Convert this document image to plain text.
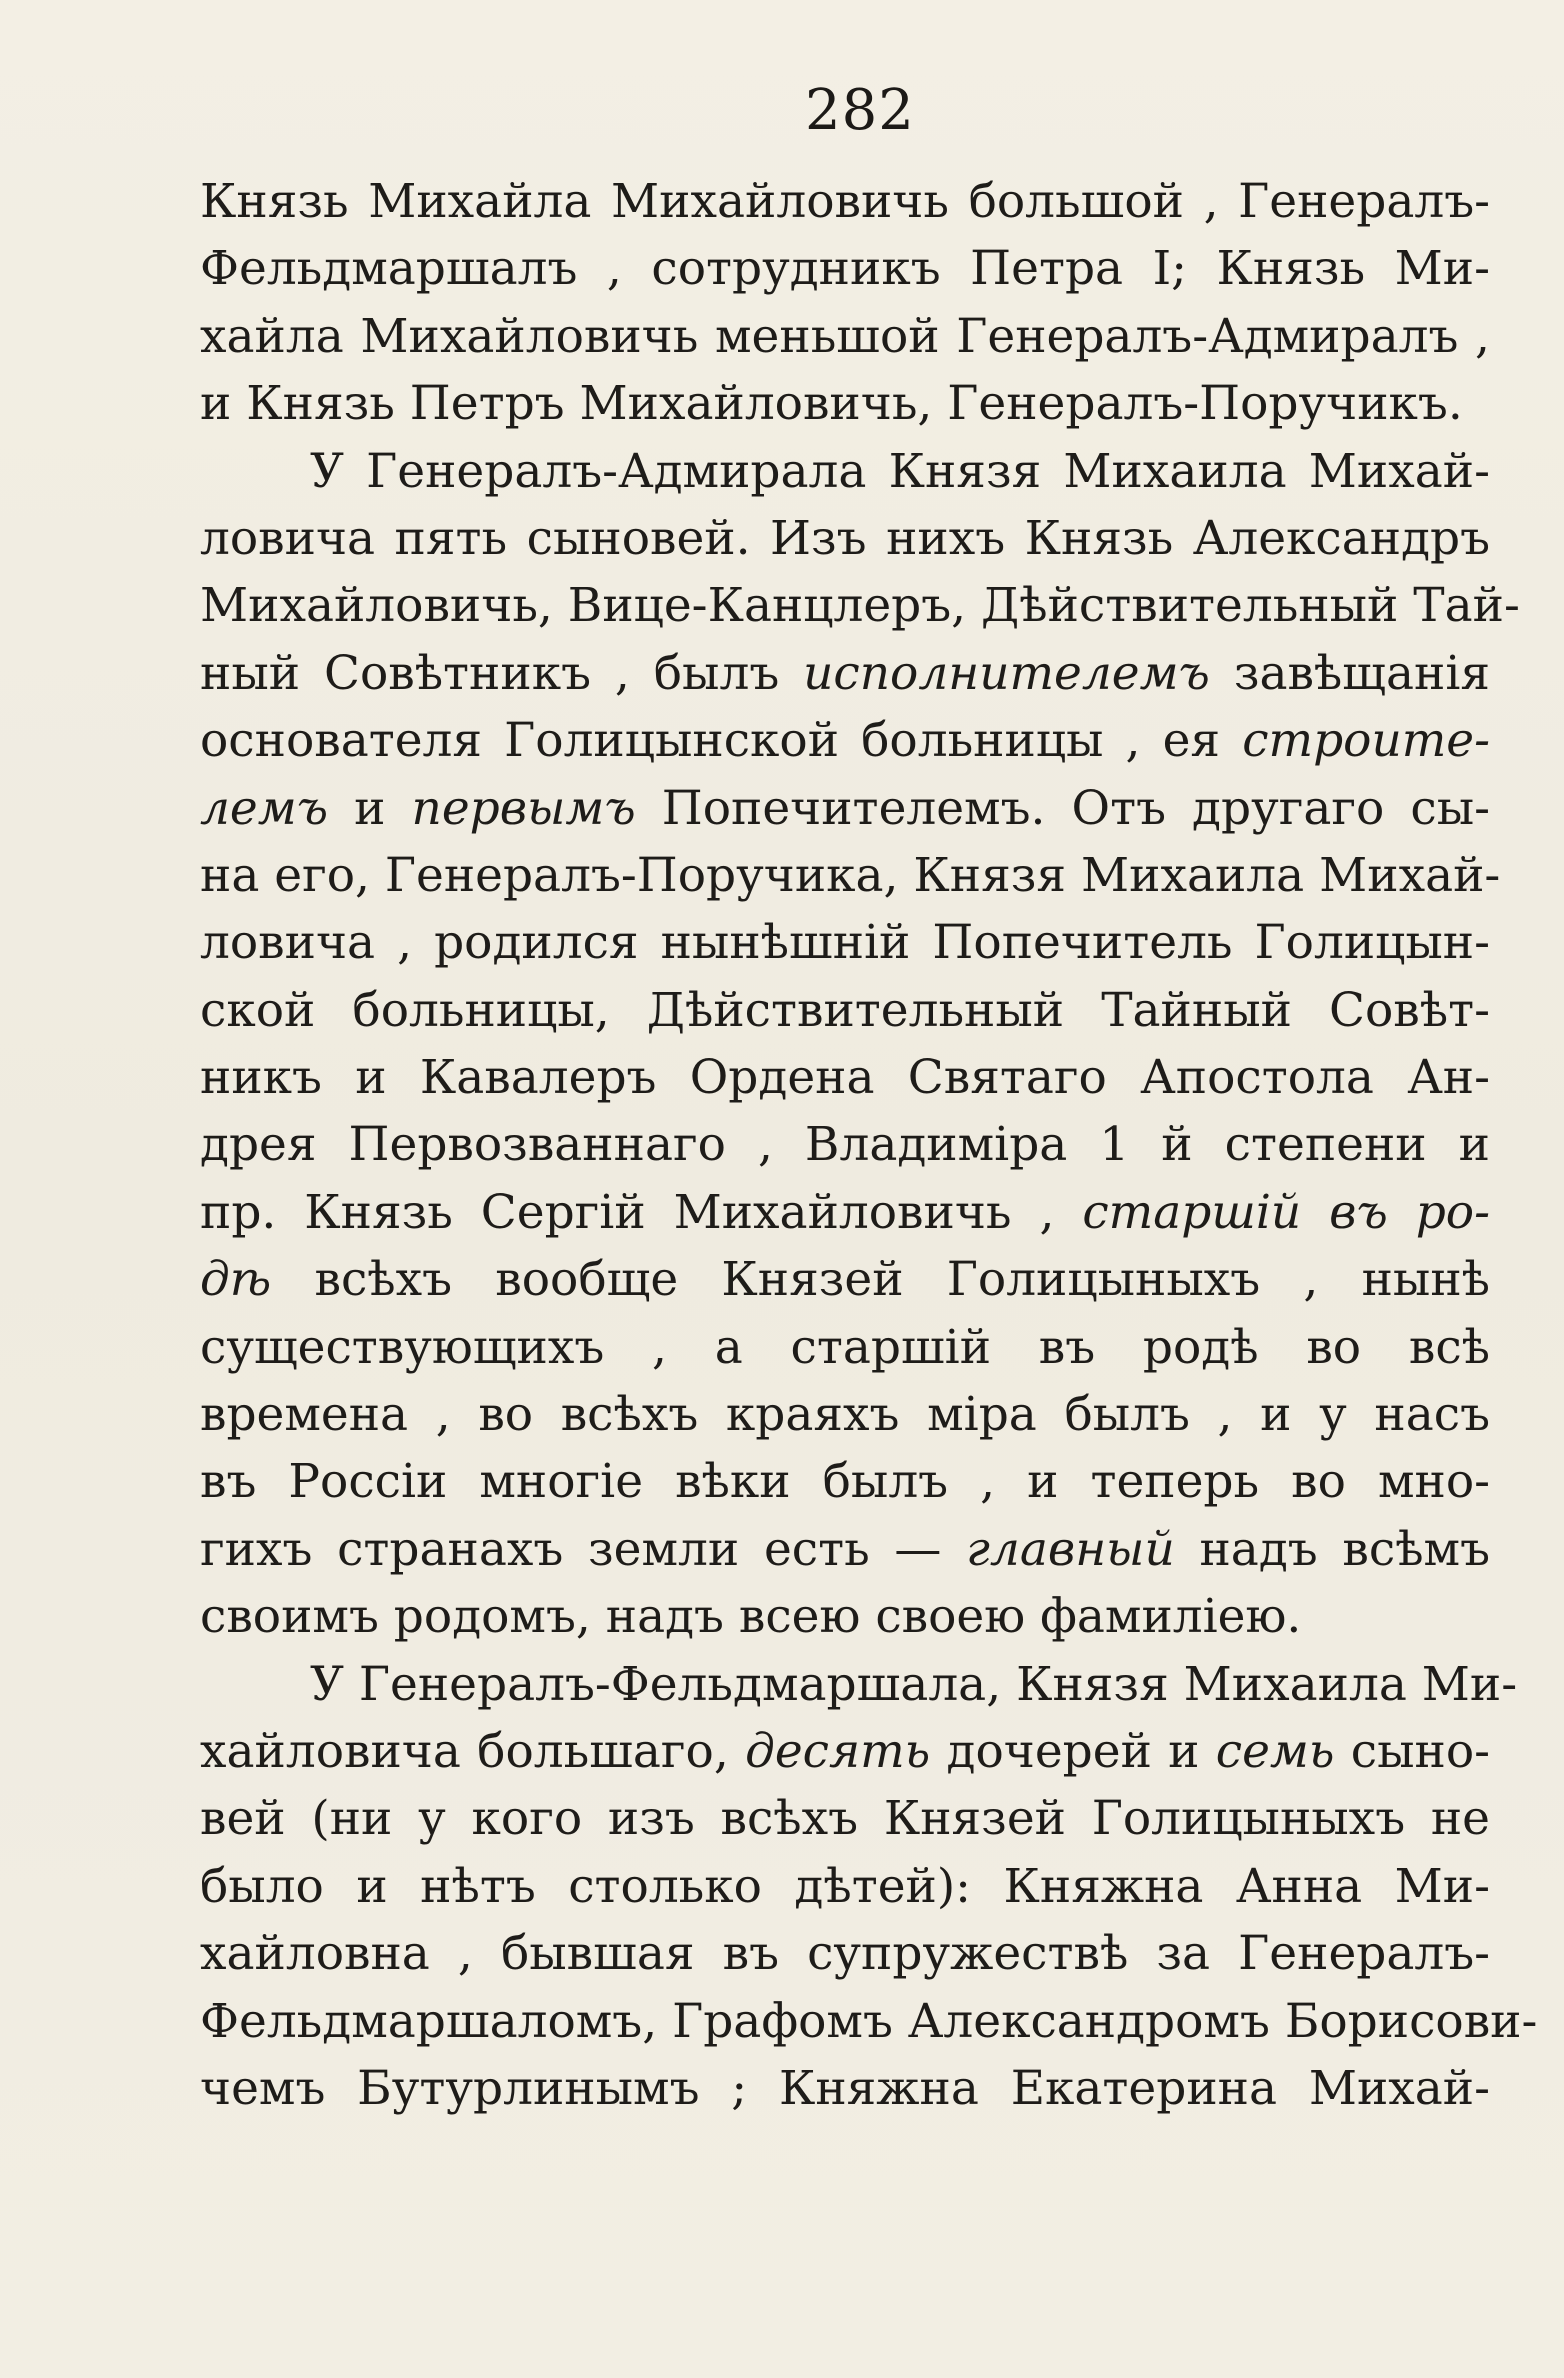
282
Князь Михайла Михайловичь большой , Генералъ-
Фельдмаршалъ , сотрудникъ Петра I; Князь Ми-
хайла Михайловичь меньшой Генералъ-Адмиралъ ,
и Князь Петръ Михайловичь, Генералъ-Поручикъ.
У Генералъ-Адмирала Князя Михаила Михай-
ловича пять сыновей. Изъ нихъ Князь Александръ
Михайловичь, Вице-Канцлеръ, Дѣйствительный Тай-
ный Совѣтникъ , былъ исполнителемъ завѣщанія
основателя Голицынской больницы , ея строите-
лемъ и первымъ Попечителемъ. Отъ другаго сы-
на его, Генералъ-Поручика, Князя Михаила Михай-
ловича , родился нынѣшній Попечитель Голицын-
ской больницы, Дѣйствительный Тайный Совѣт-
никъ и Кавалеръ Ордена Святаго Апостола Ан-
дрея Первозваннаго , Владиміра 1 й степени и
пр. Князь Сергій Михайловичь , старшій въ ро-
дѣ всѣхъ вообще Князей Голицыныхъ , нынѣ
существующихъ , а старшій въ родѣ во всѣ
времена , во всѣхъ краяхъ міра былъ , и у насъ
въ Россіи многіе вѣки былъ , и теперь во мно-
гихъ странахъ земли есть — главный надъ всѣмъ
своимъ родомъ, надъ всею своею фамиліею.
У Генералъ-Фельдмаршала, Князя Михаила Ми-
хайловича большаго, десять дочерей и семь сыно-
вей (ни у кого изъ всѣхъ Князей Голицыныхъ не
было и нѣтъ столько дѣтей): Княжна Анна Ми-
хайловна , бывшая въ супружествѣ за Генералъ-
Фельдмаршаломъ, Графомъ Александромъ Борисови-
чемъ Бутурлинымъ ; Княжна Екатерина Михай-
